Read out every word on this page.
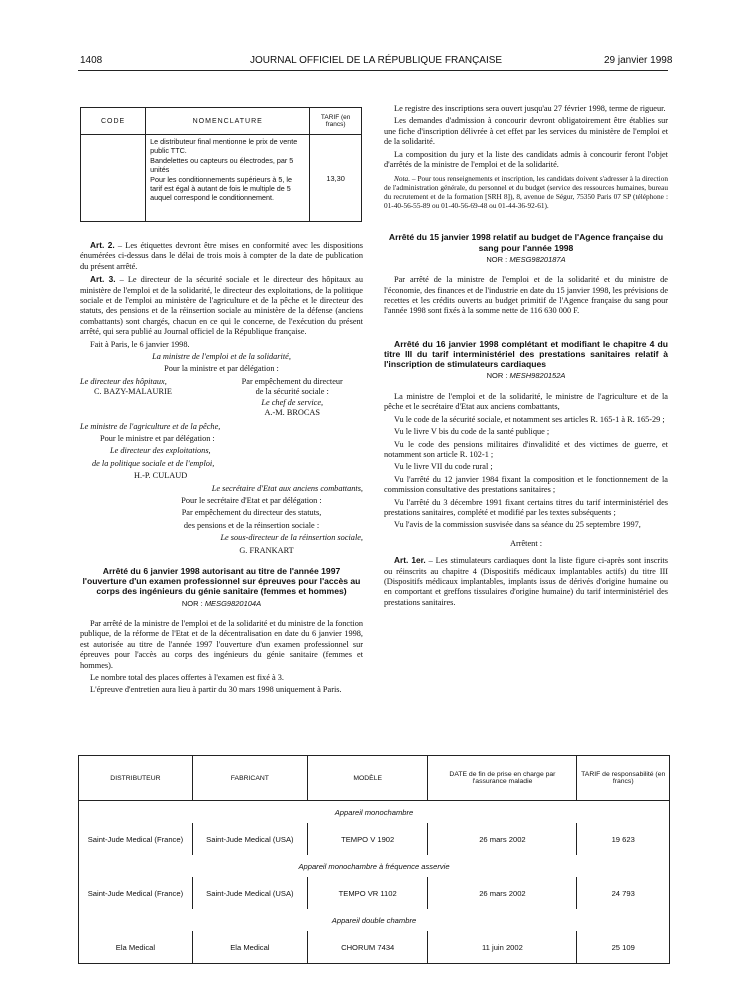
1408	JOURNAL OFFICIEL DE LA RÉPUBLIQUE FRANÇAISE	29 janvier 1998
CODE	NOMENCLATURE	TARIF (en francs)

	Le distributeur final mentionne le prix de vente public TTC.
Bandelettes ou capteurs ou électrodes, par 5 unités
Pour les conditionnements supérieurs à 5, le tarif est égal à autant de fois le multiple de 5 auquel correspond le conditionnement.	13,30

Art. 2. – Les étiquettes devront être mises en conformité avec les dispositions énumérées ci-dessus dans le délai de trois mois à compter de la date de publication du présent arrêté.

Art. 3. – Le directeur de la sécurité sociale et le directeur des hôpitaux au ministère de l'emploi et de la solidarité, le directeur des exploitations, de la politique sociale et de l'emploi au ministère de l'agriculture et de la pêche et le directeur des statuts, des pensions et de la réinsertion sociale au ministère de la défense (anciens combattants) sont chargés, chacun en ce qui le concerne, de l'exécution du présent arrêté, qui sera publié au Journal officiel de la République française.

Fait à Paris, le 6 janvier 1998.

La ministre de l'emploi et de la solidarité,

Pour la ministre et par délégation :

Le directeur des hôpitaux,
C. BAZY-MALAURIE
Par empêchement du directeur
de la sécurité sociale :
Le chef de service,
A.-M. BROCAS

Le ministre de l'agriculture et de la pêche,

Pour le ministre et par délégation :

Le directeur des exploitations,

de la politique sociale et de l'emploi,

H.-P. CULAUD

Le secrétaire d'Etat aux anciens combattants,

Pour le secrétaire d'Etat et par délégation :

Par empêchement du directeur des statuts,

des pensions et de la réinsertion sociale :

Le sous-directeur de la réinsertion sociale,

G. FRANKART

Arrêté du 6 janvier 1998 autorisant au titre de l'année 1997 l'ouverture d'un examen professionnel sur épreuves pour l'accès au corps des ingénieurs du génie sanitaire (femmes et hommes)

NOR : MESG9820104A

Par arrêté de la ministre de l'emploi et de la solidarité et du ministre de la fonction publique, de la réforme de l'Etat et de la décentralisation en date du 6 janvier 1998, est autorisée au titre de l'année 1997 l'ouverture d'un examen professionnel sur épreuves pour l'accès au corps des ingénieurs du génie sanitaire (femmes et hommes).

Le nombre total des places offertes à l'examen est fixé à 3.

L'épreuve d'entretien aura lieu à partir du 30 mars 1998 uniquement à Paris.

Le registre des inscriptions sera ouvert jusqu'au 27 février 1998, terme de rigueur.

Les demandes d'admission à concourir devront obligatoirement être établies sur une fiche d'inscription délivrée à cet effet par les services du ministère de l'emploi et de la solidarité.

La composition du jury et la liste des candidats admis à concourir feront l'objet d'arrêtés de la ministre de l'emploi et de la solidarité.

Nota. – Pour tous renseignements et inscription, les candidats doivent s'adresser à la direction de l'administration générale, du personnel et du budget (service des ressources humaines, bureau du recrutement et de la formation [SRH 8]), 8, avenue de Ségur, 75350 Paris 07 SP (téléphone : 01-40-56-55-89 ou 01-40-56-69-48 ou 01-44-36-92-61).

Arrêté du 15 janvier 1998 relatif au budget de l'Agence française du sang pour l'année 1998

NOR : MESG9820187A

Par arrêté de la ministre de l'emploi et de la solidarité et du ministre de l'économie, des finances et de l'industrie en date du 15 janvier 1998, les prévisions de recettes et les crédits ouverts au budget primitif de l'Agence française du sang pour l'année 1998 sont fixés à la somme nette de 116 630 000 F.

Arrêté du 16 janvier 1998 complétant et modifiant le chapitre 4 du titre III du tarif interministériel des prestations sanitaires relatif à l'inscription de stimulateurs cardiaques

NOR : MESH9820152A

La ministre de l'emploi et de la solidarité, le ministre de l'agriculture et de la pêche et le secrétaire d'Etat aux anciens combattants,

Vu le code de la sécurité sociale, et notamment ses articles R. 165-1 à R. 165-29 ;

Vu le livre V bis du code de la santé publique ;

Vu le code des pensions militaires d'invalidité et des victimes de guerre, et notamment son article R. 102-1 ;

Vu le livre VII du code rural ;

Vu l'arrêté du 12 janvier 1984 fixant la composition et le fonctionnement de la commission consultative des prestations sanitaires ;

Vu l'arrêté du 3 décembre 1991 fixant certains titres du tarif interministériel des prestations sanitaires, complété et modifié par les textes subséquents ;

Vu l'avis de la commission susvisée dans sa séance du 25 septembre 1997,

Arrêtent :

Art. 1er. – Les stimulateurs cardiaques dont la liste figure ci-après sont inscrits ou réinscrits au chapitre 4 (Dispositifs médicaux implantables actifs) du titre III (Dispositifs médicaux implantables, implants issus de dérivés d'origine humaine ou en comportant et greffons tissulaires d'origine humaine) du tarif interministériel des prestations sanitaires.

DISTRIBUTEUR	FABRICANT	MODÈLE	DATE de fin de prise en charge par l'assurance maladie	TARIF de responsabilité (en francs)
Appareil monochambre				
Saint-Jude Medical (France)	Saint-Jude Medical (USA)	TEMPO V 1902	26 mars 2002	19 623
Appareil monochambre à fréquence asservie				
Saint-Jude Medical (France)	Saint-Jude Medical (USA)	TEMPO VR 1102	26 mars 2002	24 793
Appareil double chambre				
Ela Medical	Ela Medical	CHORUM 7434	11 juin 2002	25 109
